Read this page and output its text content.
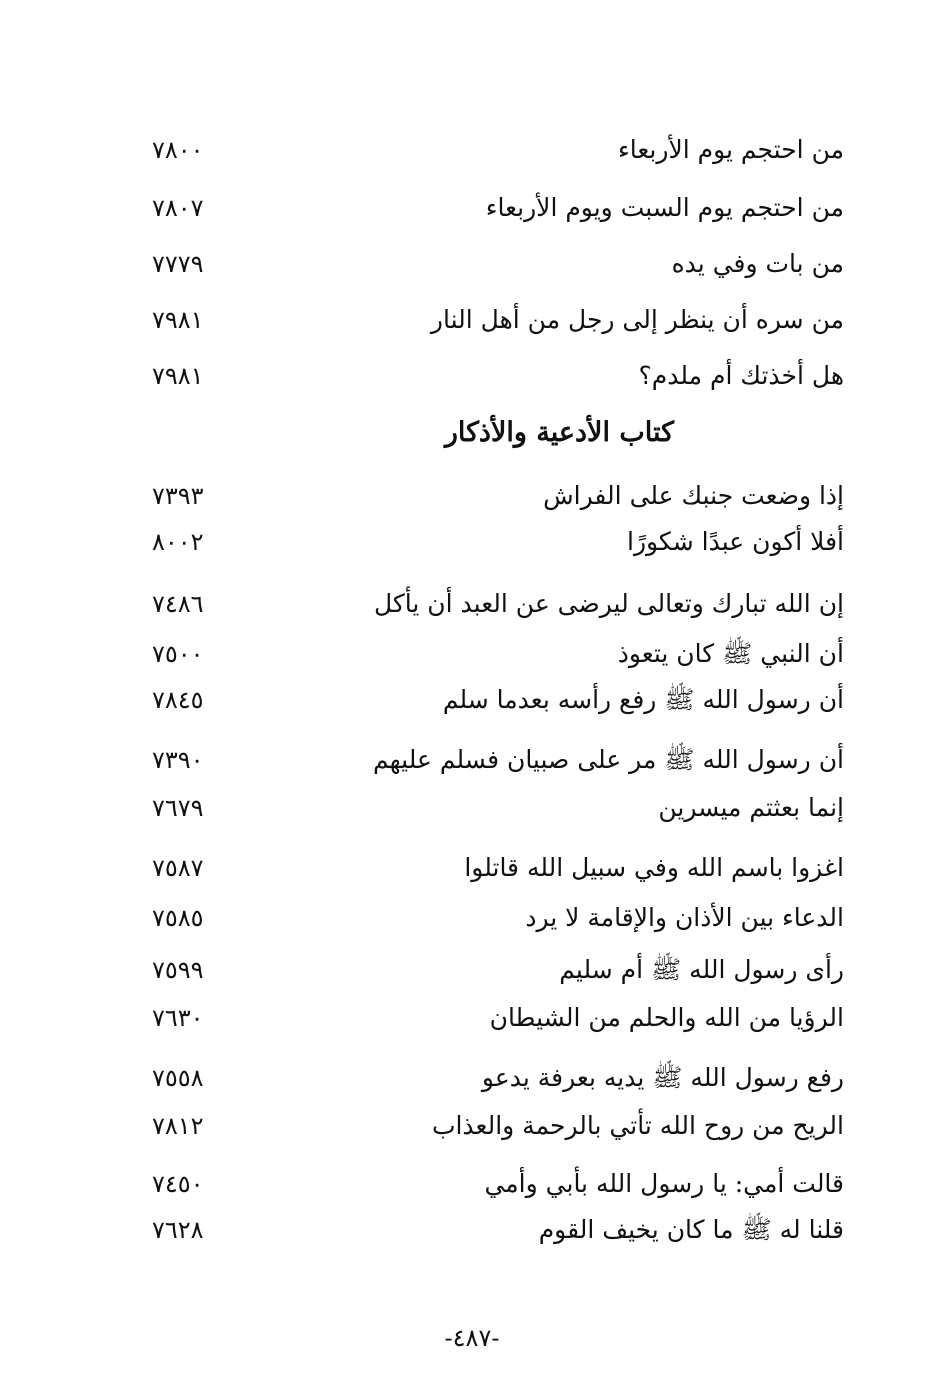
من احتجم يوم الأربعاء
٧٨٠٠
من احتجم يوم السبت ويوم الأربعاء
٧٨٠٧
من بات وفي يده
٧٧٧٩
من سره أن ينظر إلى رجل من أهل النار
٧٩٨١
هل أخذتك أم ملدم؟
٧٩٨١
كتاب الأدعية والأذكار
إذا وضعت جنبك على الفراش
٧٣٩٣
أفلا أكون عبدًا شكورًا
٨٠٠٢
إن الله تبارك وتعالى ليرضى عن العبد أن يأكل
٧٤٨٦
أن النبي ﷺ كان يتعوذ
٧٥٠٠
أن رسول الله ﷺ رفع رأسه بعدما سلم
٧٨٤٥
أن رسول الله ﷺ مر على صبيان فسلم عليهم
٧٣٩٠
إنما بعثتم ميسرين
٧٦٧٩
اغزوا باسم الله وفي سبيل الله قاتلوا
٧٥٨٧
الدعاء بين الأذان والإقامة لا يرد
٧٥٨٥
رأى رسول الله ﷺ أم سليم
٧٥٩٩
الرؤيا من الله والحلم من الشيطان
٧٦٣٠
رفع رسول الله ﷺ يديه بعرفة يدعو
٧٥٥٨
الريح من روح الله تأتي بالرحمة والعذاب
٧٨١٢
قالت أمي: يا رسول الله بأبي وأمي
٧٤٥٠
قلنا له ﷺ ما كان يخيف القوم
٧٦٢٨
-٤٨٧-
